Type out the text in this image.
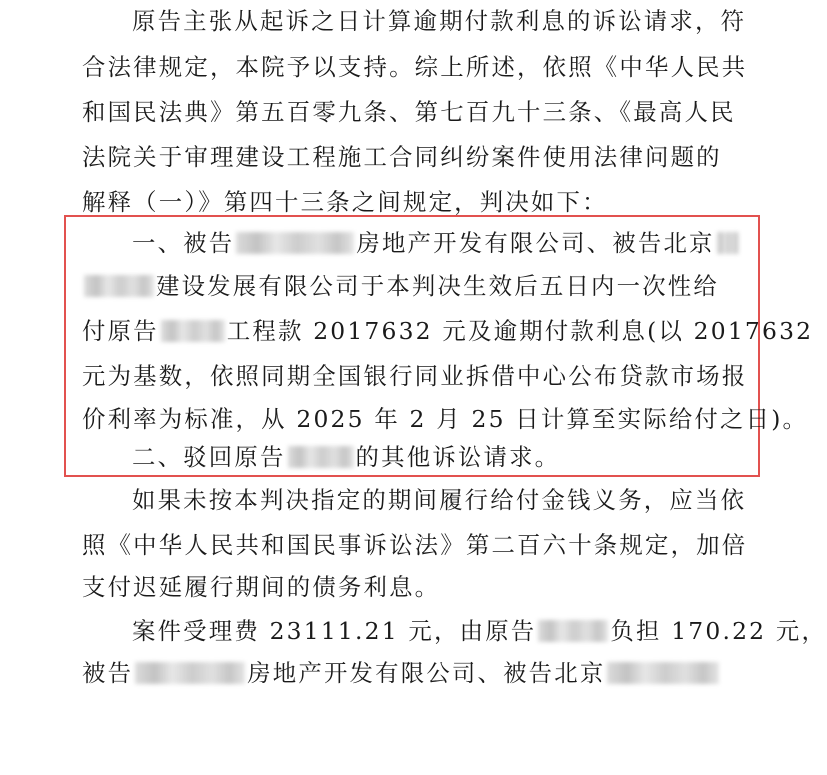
原告主张从起诉之日计算逾期付款利息的诉讼请求，符
合法律规定，本院予以支持。综上所述，依照《中华人民共
和国民法典》第五百零九条、第七百九十三条、《最高人民
法院关于审理建设工程施工合同纠纷案件使用法律问题的
解释（一）》第四十三条之间规定，判决如下：
一、被告	房地产开发有限公司、被告北京
建设发展有限公司于本判决生效后五日内一次性给
付原告	工程款 2017632 元及逾期付款利息(以 2017632
元为基数，依照同期全国银行同业拆借中心公布贷款市场报
价利率为标准，从 2025 年 2 月 25 日计算至实际给付之日)。
二、驳回原告	的其他诉讼请求。
如果未按本判决指定的期间履行给付金钱义务，应当依
照《中华人民共和国民事诉讼法》第二百六十条规定，加倍
支付迟延履行期间的债务利息。
案件受理费 23111.21 元，由原告	负担 170.22 元，
被告	房地产开发有限公司、被告北京
